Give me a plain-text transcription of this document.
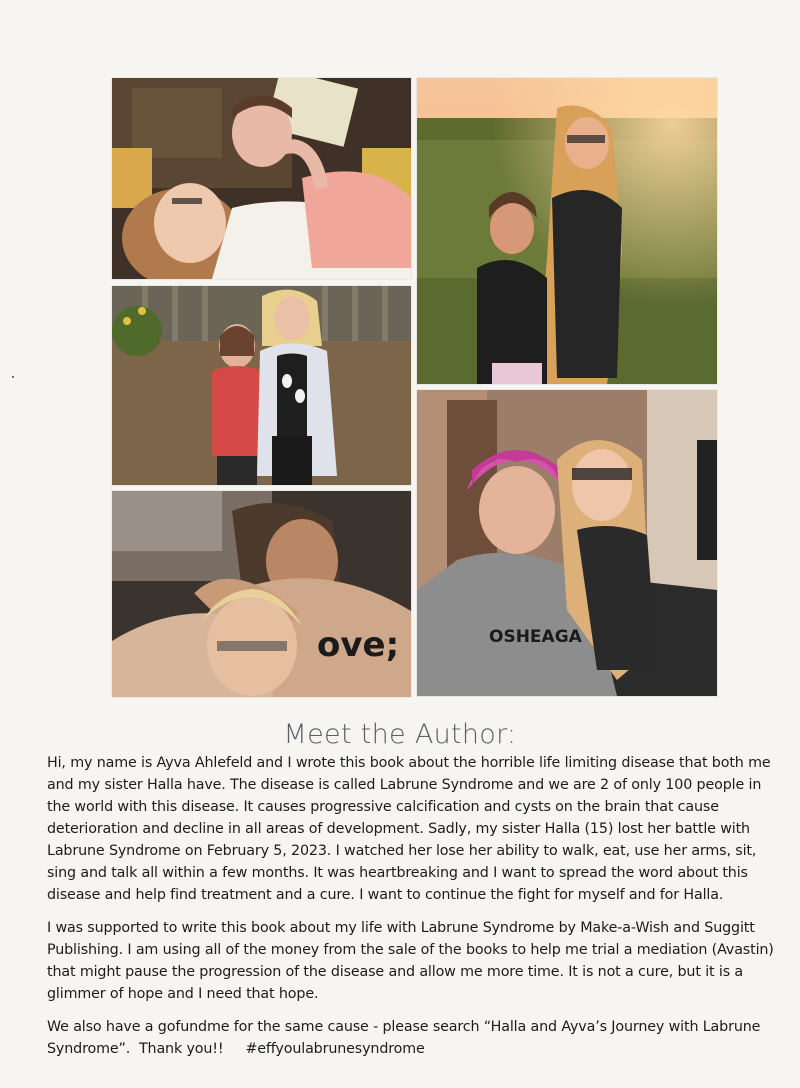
OSHEAGA
ove;
Meet the Author:

Hi, my name is Ayva Ahlefeld and I wrote this book about the horrible life limiting disease that both me and my sister Halla have. The disease is called Labrune Syndrome and we are 2 of only 100 people in the world with this disease. It causes progressive calcification and cysts on the brain that cause deterioration and decline in all areas of development. Sadly, my sister Halla (15) lost her battle with Labrune Syndrome on February 5, 2023. I watched her lose her ability to walk, eat, use her arms, sit, sing and talk all within a few months. It was heartbreaking and I want to spread the word about this disease and help find treatment and a cure. I want to continue the fight for myself and for Halla.

I was supported to write this book about my life with Labrune Syndrome by Make-a-Wish and Suggitt Publishing. I am using all of the money from the sale of the books to help me trial a mediation (Avastin) that might pause the progression of the disease and allow me more time. It is not a cure, but it is a glimmer of hope and I need that hope.

We also have a gofundme for the same cause - please search “Halla and Ayva’s Journey with Labrune Syndrome”.  Thank you!!     #effyoulabrunesyndrome
